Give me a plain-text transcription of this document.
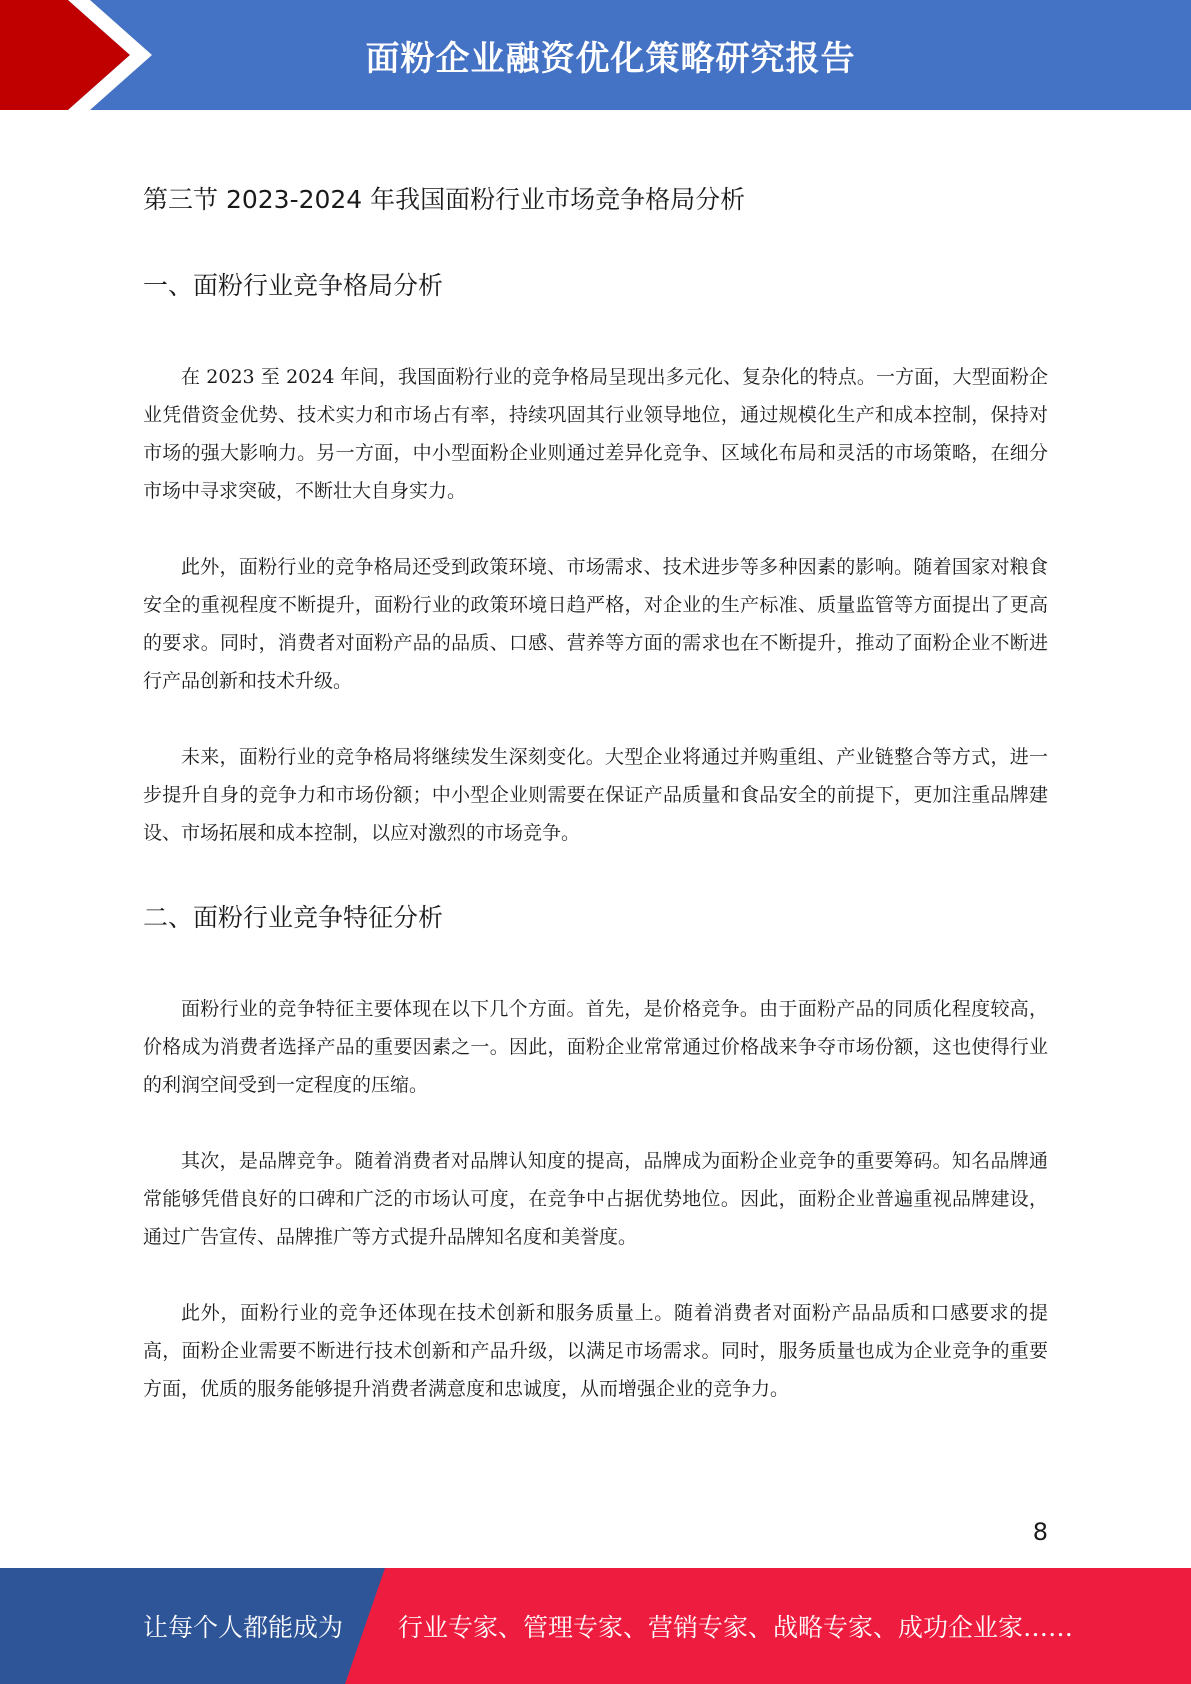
面粉企业融资优化策略研究报告
第三节 2023-2024 年我国面粉行业市场竞争格局分析
一、面粉行业竞争格局分析

在 2023 至 2024 年间，我国面粉行业的竞争格局呈现出多元化、复杂化的特点。一方面，大型面粉企业凭借资金优势、技术实力和市场占有率，持续巩固其行业领导地位，通过规模化生产和成本控制，保持对市场的强大影响力。另一方面，中小型面粉企业则通过差异化竞争、区域化布局和灵活的市场策略，在细分市场中寻求突破，不断壮大自身实力。

此外，面粉行业的竞争格局还受到政策环境、市场需求、技术进步等多种因素的影响。随着国家对粮食安全的重视程度不断提升，面粉行业的政策环境日趋严格，对企业的生产标准、质量监管等方面提出了更高的要求。同时，消费者对面粉产品的品质、口感、营养等方面的需求也在不断提升，推动了面粉企业不断进行产品创新和技术升级。

未来，面粉行业的竞争格局将继续发生深刻变化。大型企业将通过并购重组、产业链整合等方式，进一步提升自身的竞争力和市场份额；中小型企业则需要在保证产品质量和食品安全的前提下，更加注重品牌建设、市场拓展和成本控制，以应对激烈的市场竞争。

二、面粉行业竞争特征分析

面粉行业的竞争特征主要体现在以下几个方面。首先，是价格竞争。由于面粉产品的同质化程度较高，价格成为消费者选择产品的重要因素之一。因此，面粉企业常常通过价格战来争夺市场份额，这也使得行业的利润空间受到一定程度的压缩。

其次，是品牌竞争。随着消费者对品牌认知度的提高，品牌成为面粉企业竞争的重要筹码。知名品牌通常能够凭借良好的口碑和广泛的市场认可度，在竞争中占据优势地位。因此，面粉企业普遍重视品牌建设，通过广告宣传、品牌推广等方式提升品牌知名度和美誉度。

此外，面粉行业的竞争还体现在技术创新和服务质量上。随着消费者对面粉产品品质和口感要求的提高，面粉企业需要不断进行技术创新和产品升级，以满足市场需求。同时，服务质量也成为企业竞争的重要方面，优质的服务能够提升消费者满意度和忠诚度，从而增强企业的竞争力。

8
让每个人都能成为 行业专家、管理专家、营销专家、战略专家、成功企业家……
